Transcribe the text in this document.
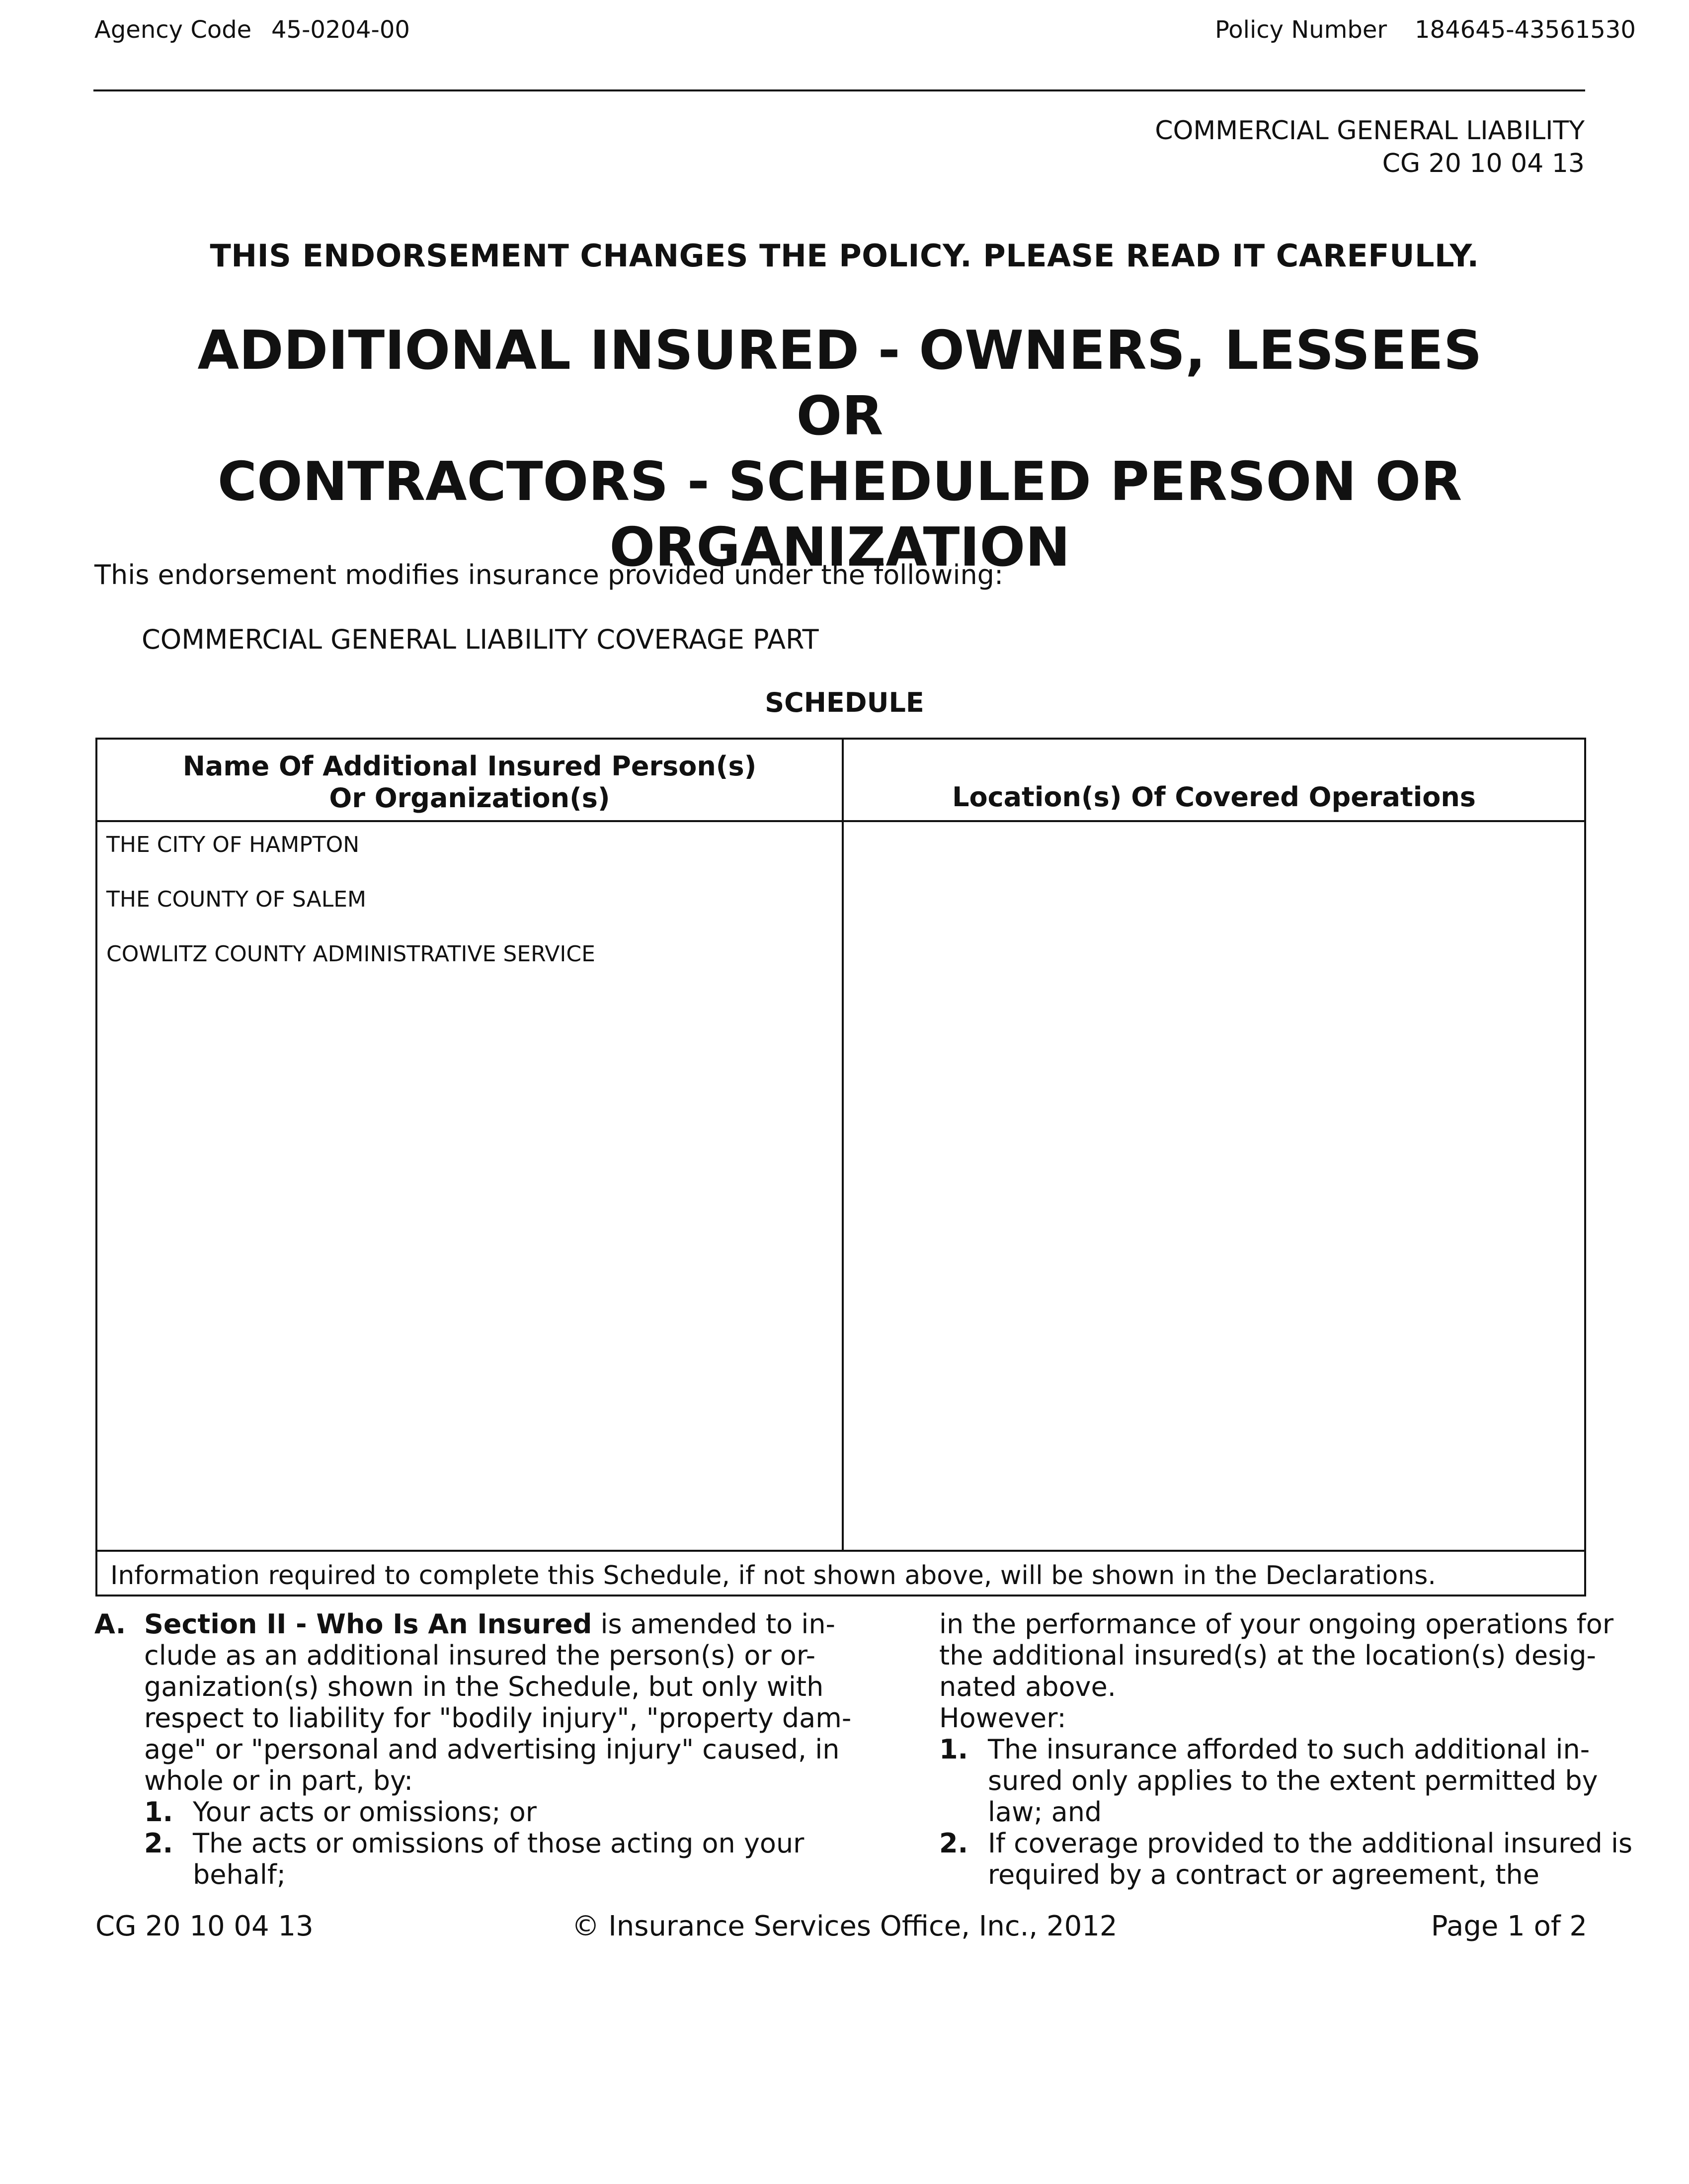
Agency Code 45-0204-00	Policy Number 184645-43561530
COMMERCIAL GENERAL LIABILITY
CG 20 10 04 13
THIS ENDORSEMENT CHANGES THE POLICY. PLEASE READ IT CAREFULLY.
ADDITIONAL INSURED - OWNERS, LESSEES OR
CONTRACTORS - SCHEDULED PERSON OR
ORGANIZATION
This endorsement modifies insurance provided under the following:
COMMERCIAL GENERAL LIABILITY COVERAGE PART
SCHEDULE
Name Of Additional Insured Person(s)
Or Organization(s)	Location(s) Of Covered Operations
THE CITY OF HAMPTON
THE COUNTY OF SALEM
COWLITZ COUNTY ADMINISTRATIVE SERVICE
Information required to complete this Schedule, if not shown above, will be shown in the Declarations.
A. Section II - Who Is An Insured is amended to in-
clude as an additional insured the person(s) or or-
ganization(s) shown in the Schedule, but only with
respect to liability for "bodily injury", "property dam-
age" or "personal and advertising injury" caused, in
whole or in part, by:
1. Your acts or omissions; or
2. The acts or omissions of those acting on your
behalf;
in the performance of your ongoing operations for
the additional insured(s) at the location(s) desig-
nated above.
However:
1. The insurance afforded to such additional in-
sured only applies to the extent permitted by
law; and
2. If coverage provided to the additional insured is
required by a contract or agreement, the
CG 20 10 04 13	© Insurance Services Office, Inc., 2012	Page 1 of 2
